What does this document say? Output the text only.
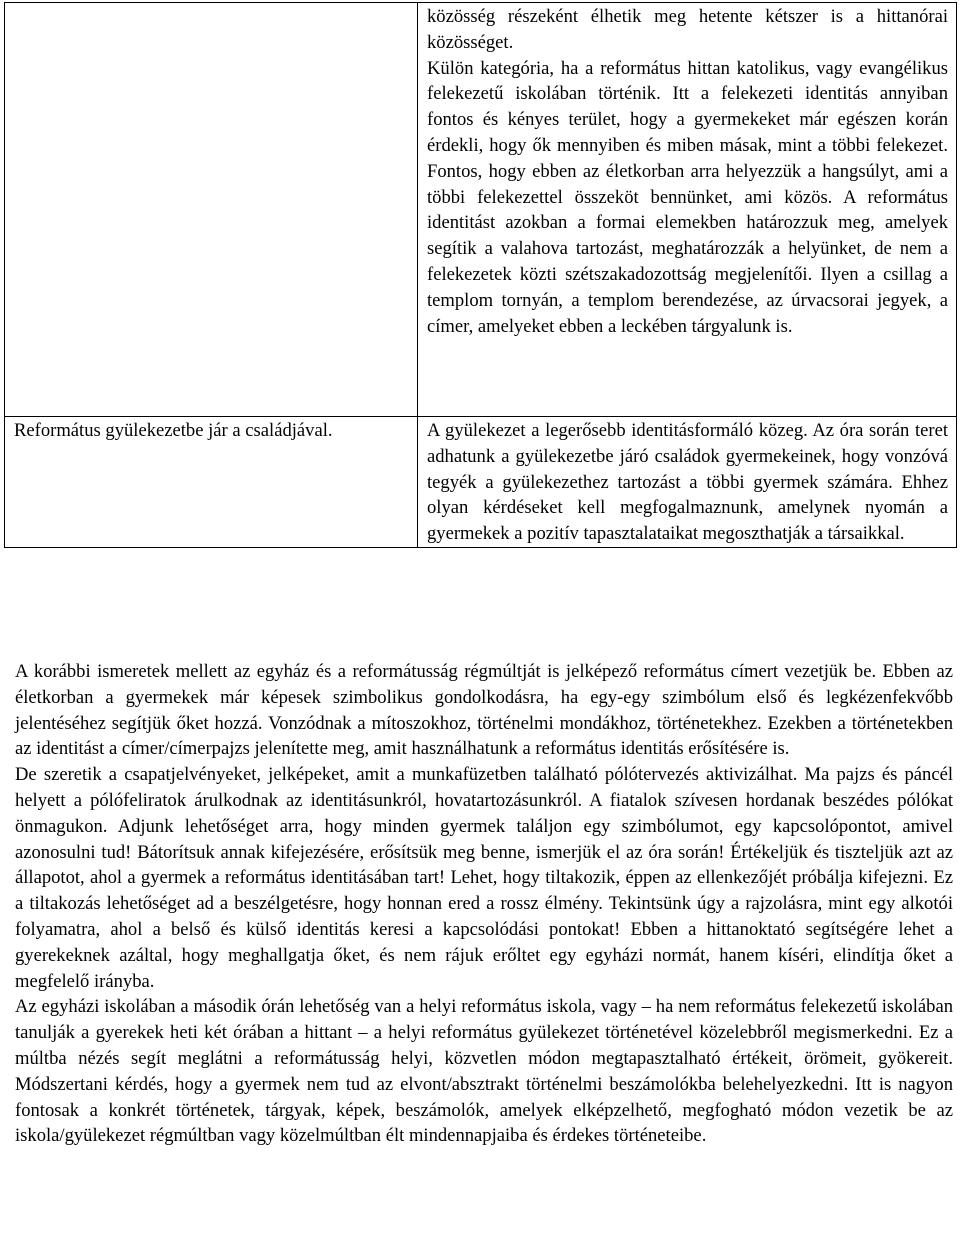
	közösség részeként élhetik meg hetente kétszer is a hittanórai közösséget.

Külön kategória, ha a református hittan katolikus, vagy evangélikus felekezetű iskolában történik. Itt a felekezeti identitás annyiban fontos és kényes terület, hogy a gyermekeket már egészen korán érdekli, hogy ők mennyiben és miben másak, mint a többi felekezet. Fontos, hogy ebben az életkorban arra helyezzük a hangsúlyt, ami a többi felekezettel összeköt bennünket, ami közös. A református identitást azokban a formai elemekben határozzuk meg, amelyek segítik a valahova tartozást, meghatározzák a helyünket, de nem a felekezetek közti szétszakadozottság megjelenítői. Ilyen a csillag a templom tornyán, a templom berendezése, az úrvacsorai jegyek, a címer, amelyeket ebben a leckében tárgyalunk is.

Református gyülekezetbe jár a családjával.	A gyülekezet a legerősebb identitásformáló közeg. Az óra során teret adhatunk a gyülekezetbe járó családok gyermekeinek, hogy vonzóvá tegyék a gyülekezethez tartozást a többi gyermek számára. Ehhez olyan kérdéseket kell megfogalmaznunk, amelynek nyomán a gyermekek a pozitív tapasztalataikat megoszthatják a társaikkal.

A korábbi ismeretek mellett az egyház és a reformátusság régmúltját is jelképező református címert vezetjük be. Ebben az életkorban a gyermekek már képesek szimbolikus gondolkodásra, ha egy-egy szimbólum első és legkézenfekvőbb jelentéséhez segítjük őket hozzá. Vonzódnak a mítoszokhoz, történelmi mondákhoz, történetekhez. Ezekben a történetekben az identitást a címer/címerpajzs jelenítette meg, amit használhatunk a református identitás erősítésére is.

De szeretik a csapatjelvényeket, jelképeket, amit a munkafüzetben található pólótervezés aktivizálhat. Ma pajzs és páncél helyett a pólófeliratok árulkodnak az identitásunkról, hovatartozásunkról. A fiatalok szívesen hordanak beszédes pólókat önmagukon. Adjunk lehetőséget arra, hogy minden gyermek találjon egy szimbólumot, egy kapcsolópontot, amivel azonosulni tud! Bátorítsuk annak kifejezésére, erősítsük meg benne, ismerjük el az óra során! Értékeljük és tiszteljük azt az állapotot, ahol a gyermek a református identitásában tart! Lehet, hogy tiltakozik, éppen az ellenkezőjét próbálja kifejezni. Ez a tiltakozás lehetőséget ad a beszélgetésre, hogy honnan ered a rossz élmény. Tekintsünk úgy a rajzolásra, mint egy alkotói folyamatra, ahol a belső és külső identitás keresi a kapcsolódási pontokat! Ebben a hittanoktató segítségére lehet a gyerekeknek azáltal, hogy meghallgatja őket, és nem rájuk erőltet egy egyházi normát, hanem kíséri, elindítja őket a megfelelő irányba.

Az egyházi iskolában a második órán lehetőség van a helyi református iskola, vagy – ha nem református felekezetű iskolában tanulják a gyerekek heti két órában a hittant – a helyi református gyülekezet történetével közelebbről megismerkedni. Ez a múltba nézés segít meglátni a reformátusság helyi, közvetlen módon megtapasztalható értékeit, örömeit, gyökereit. Módszertani kérdés, hogy a gyermek nem tud az elvont/absztrakt történelmi beszámolókba belehelyezkedni. Itt is nagyon fontosak a konkrét történetek, tárgyak, képek, beszámolók, amelyek elképzelhető, megfogható módon vezetik be az iskola/gyülekezet régmúltban vagy közelmúltban élt mindennapjaiba és érdekes történeteibe.
